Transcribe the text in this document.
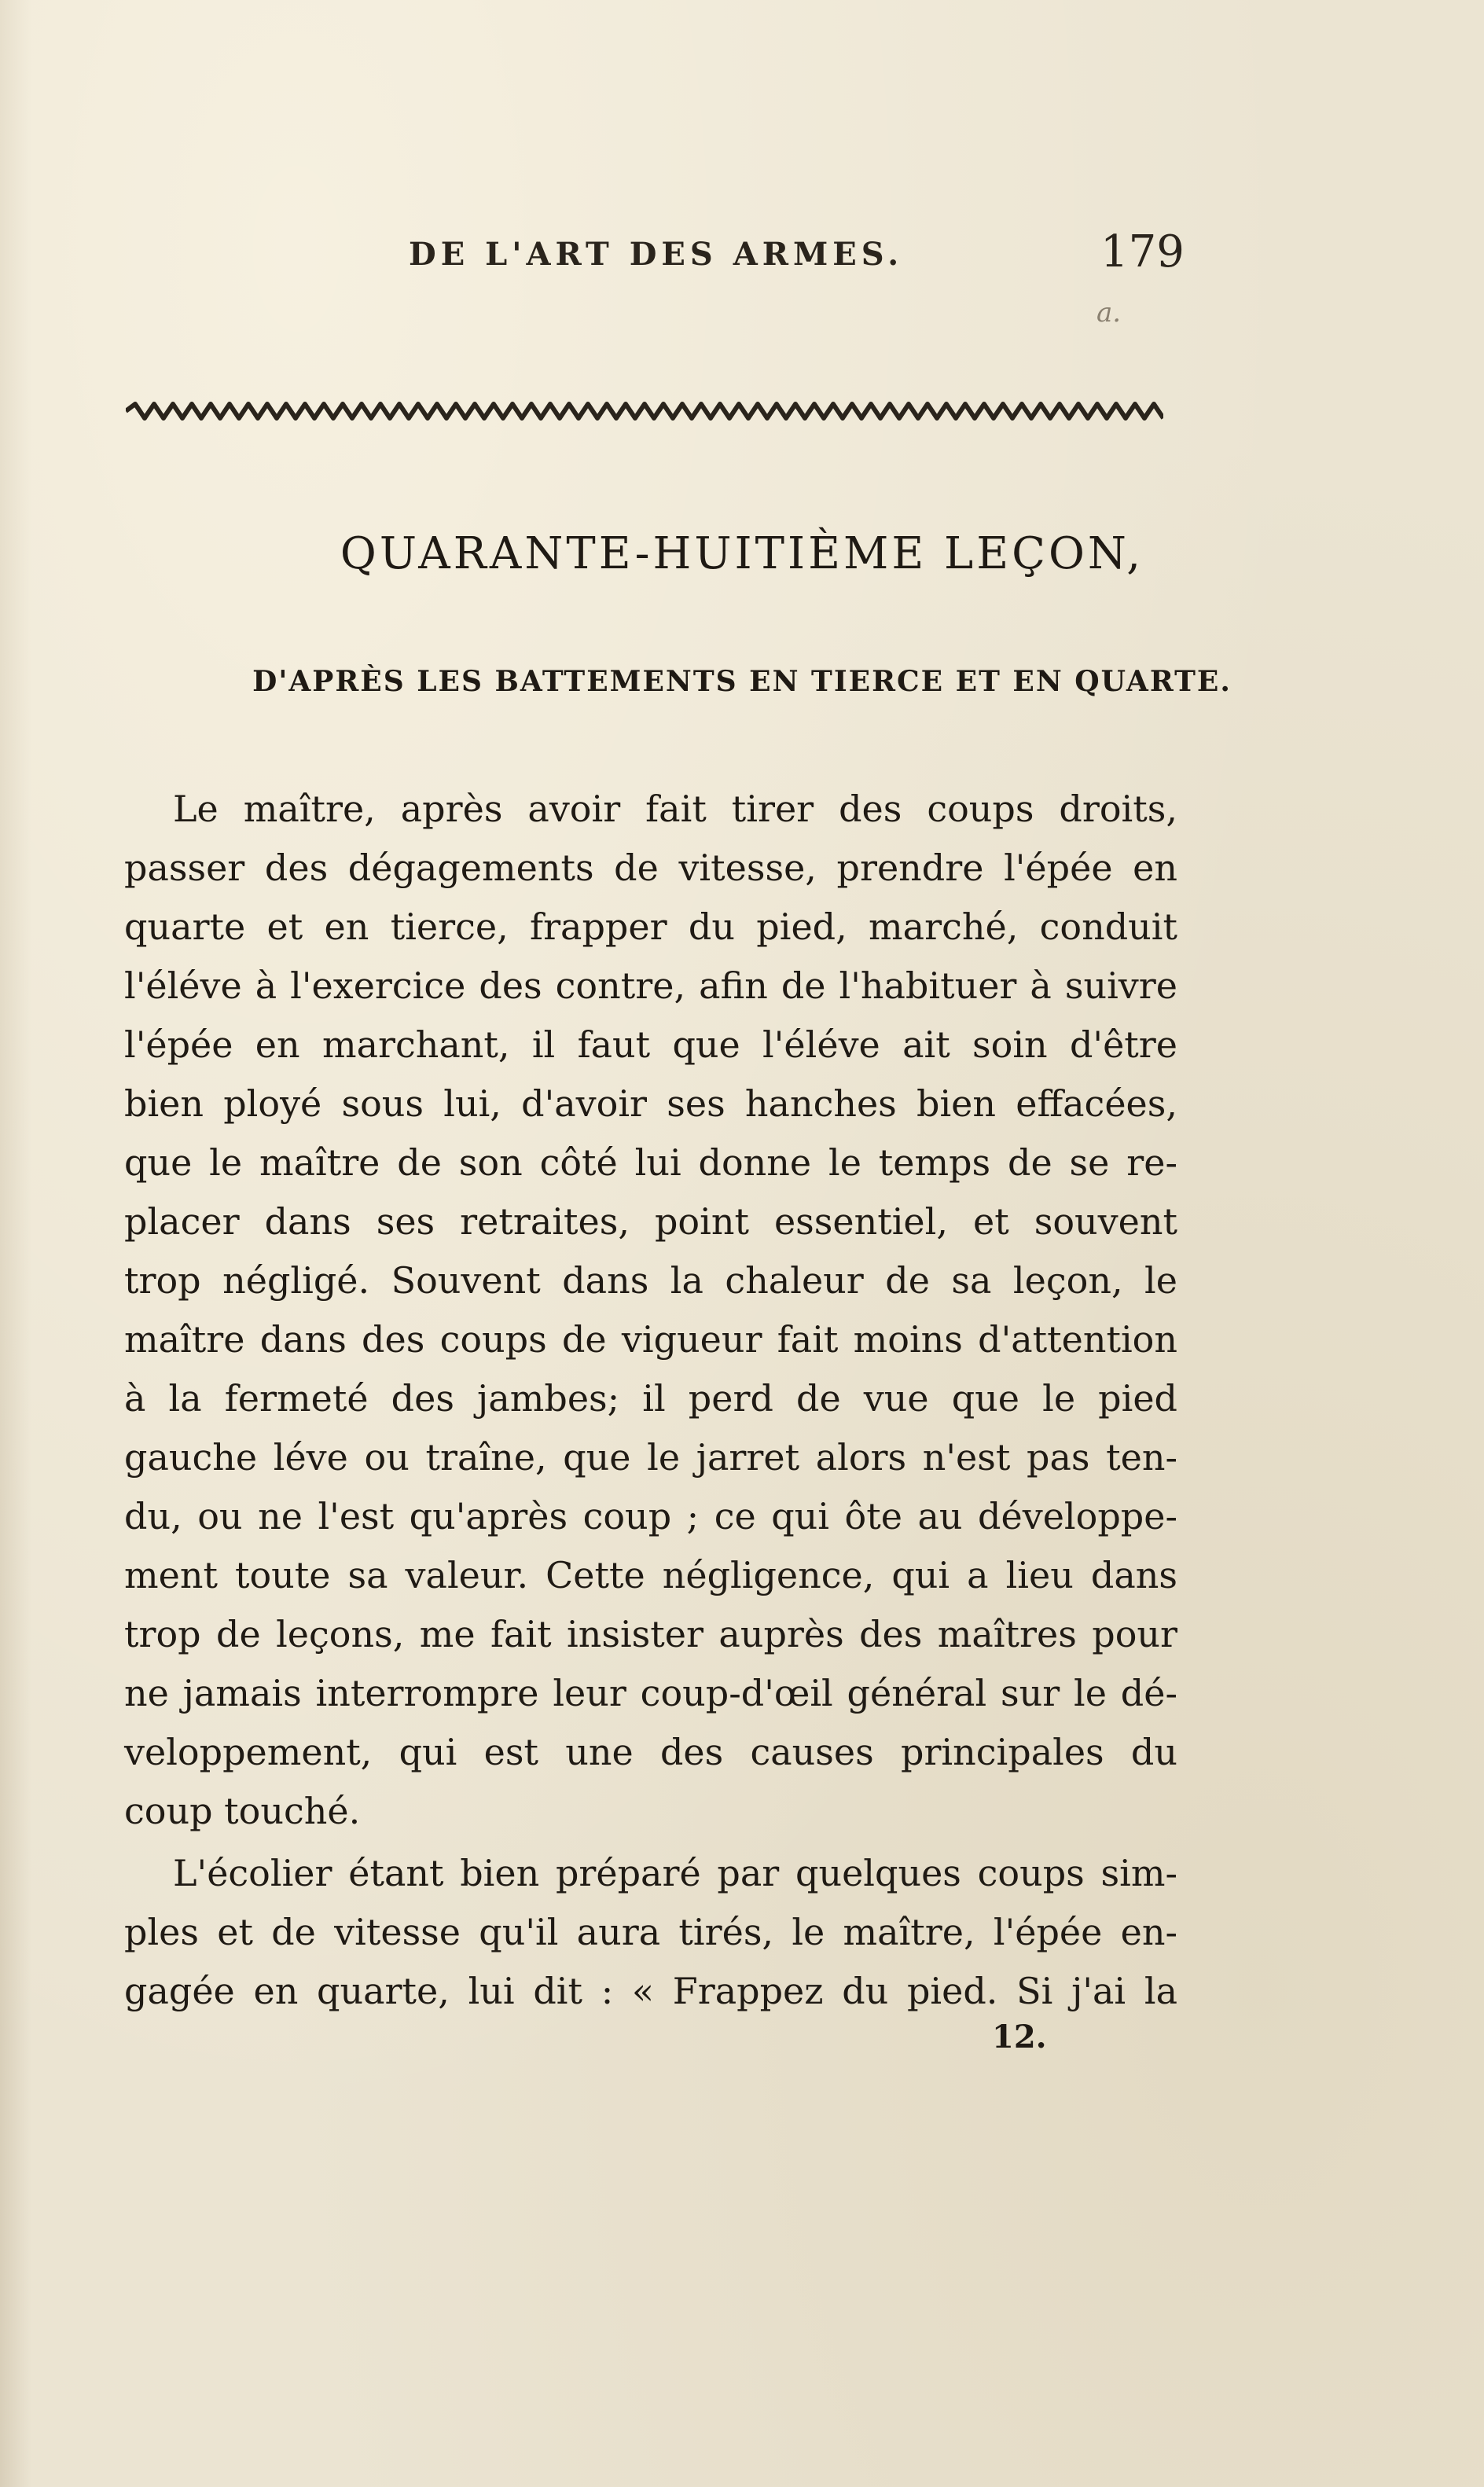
DE L'ART DES ARMES.	179
a.
QUARANTE-HUITIÈME LEÇON,
D'APRÈS LES BATTEMENTS EN TIERCE ET EN QUARTE.
Le maître, après avoir fait tirer des coups droits,
passer des dégagements de vitesse, prendre l'épée en
quarte et en tierce, frapper du pied, marché, conduit
l'éléve à l'exercice des contre, afin de l'habituer à suivre
l'épée en marchant, il faut que l'éléve ait soin d'être
bien ployé sous lui, d'avoir ses hanches bien effacées,
que le maître de son côté lui donne le temps de se re-
placer dans ses retraites, point essentiel, et souvent
trop négligé. Souvent dans la chaleur de sa leçon, le
maître dans des coups de vigueur fait moins d'attention
à la fermeté des jambes; il perd de vue que le pied
gauche léve ou traîne, que le jarret alors n'est pas ten-
du, ou ne l'est qu'après coup ; ce qui ôte au développe-
ment toute sa valeur. Cette négligence, qui a lieu dans
trop de leçons, me fait insister auprès des maîtres pour
ne jamais interrompre leur coup-d'œil général sur le dé-
veloppement, qui est une des causes principales du
coup touché.
L'écolier étant bien préparé par quelques coups sim-
ples et de vitesse qu'il aura tirés, le maître, l'épée en-
gagée en quarte, lui dit : « Frappez du pied. Si j'ai la
12.
